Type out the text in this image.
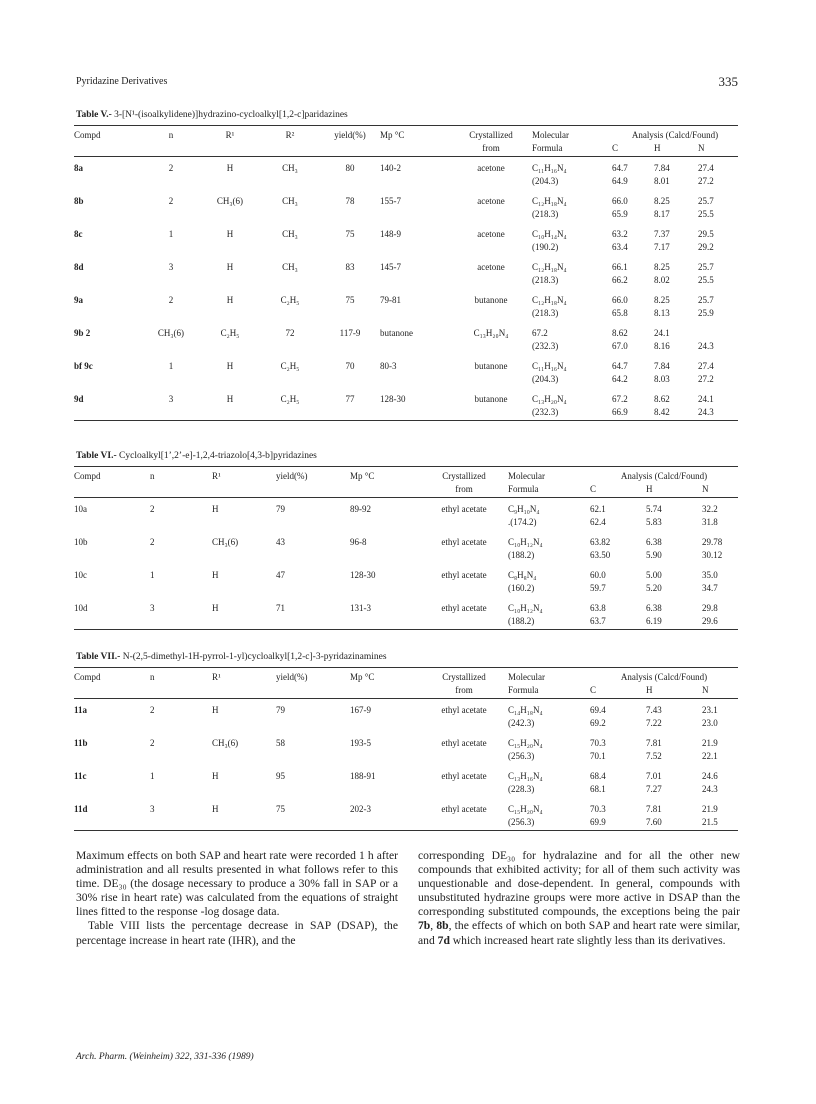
Pyridazine Derivatives	335
Table V.- 3-[N¹-(isoalkylidene)]hydrazino-cycloalkyl[1,2-c]paridazines
Compd	n	R¹	R²	yield(%)	Mp °C	Crystallized	Molecular	Analysis (Calcd/Found)		
						from	Formula	C	H	N
8a	2	H	CH₃	80	140-2	acetone	C₁₁H₁₆N₄	64.7	7.84	27.4
							(204.3)	64.9	8.01	27.2
8b	2	CH₃(6)	CH₃	78	155-7	acetone	C₁₂H₁₈N₄	66.0	8.25	25.7
							(218.3)	65.9	8.17	25.5
8c	1	H	CH₃	75	148-9	acetone	C₁₀H₁₄N₄	63.2	7.37	29.5
							(190.2)	63.4	7.17	29.2
8d	3	H	CH₃	83	145-7	acetone	C₁₂H₁₈N₄	66.1	8.25	25.7
							(218.3)	66.2	8.02	25.5
9a	2	H	C₂H₅	75	79-81	butanone	C₁₂H₁₈N₄	66.0	8.25	25.7
							(218.3)	65.8	8.13	25.9
9b 2	CH₃(6)	C₂H₅	72	117-9	butanone	C₁₃H₂₀N₄	67.2	8.62	24.1	
							(232.3)	67.0	8.16	24.3
bf 9c	1	H	C₂H₅	70	80-3	butanone	C₁₁H₁₆N₄	64.7	7.84	27.4
							(204.3)	64.2	8.03	27.2
9d	3	H	C₂H₅	77	128-30	butanone	C₁₃H₂₀N₄	67.2	8.62	24.1
							(232.3)	66.9	8.42	24.3
Table VI.- Cycloalkyl[1’,2’-e]-1,2,4-triazolo[4,3-b]pyridazines
Compd	n	R¹	yield(%)	Mp °C	Crystallized	Molecular	Analysis (Calcd/Found)		
					from	Formula	C	H	N
10a	2	H	79	89-92	ethyl acetate	C₉H₁₀N₄	62.1	5.74	32.2
						.(174.2)	62.4	5.83	31.8
10b	2	CH₃(6)	43	96-8	ethyl acetate	C₁₀H₁₂N₄	63.82	6.38	29.78
						(188.2)	63.50	5.90	30.12
10c	1	H	47	128-30	ethyl acetate	C₈H₈N₄	60.0	5.00	35.0
						(160.2)	59.7	5.20	34.7
10d	3	H	71	131-3	ethyl acetate	C₁₀H₁₂N₄	63.8	6.38	29.8
						(188.2)	63.7	6.19	29.6
Table VII.- N-(2,5-dimethyl-1H-pyrrol-1-yl)cycloalkyl[1,2-c]-3-pyridazinamines
Compd	n	R¹	yield(%)	Mp °C	Crystallized	Molecular	Analysis (Calcd/Found)		
					from	Formula	C	H	N
11a	2	H	79	167-9	ethyl acetate	C₁₄H₁₈N₄	69.4	7.43	23.1
						(242.3)	69.2	7.22	23.0
11b	2	CH₃(6)	58	193-5	ethyl acetate	C₁₅H₂₀N₄	70.3	7.81	21.9
						(256.3)	70.1	7.52	22.1
11c	1	H	95	188-91	ethyl acetate	C₁₃H₁₆N₄	68.4	7.01	24.6
						(228.3)	68.1	7.27	24.3
11d	3	H	75	202-3	ethyl acetate	C₁₅H₂₀N₄	70.3	7.81	21.9
						(256.3)	69.9	7.60	21.5

Maximum effects on both SAP and heart rate were recorded 1 h after administration and all results presented in what follows refer to this time. DE₃₀ (the dosage necessary to produce a 30% fall in SAP or a 30% rise in heart rate) was calculated from the equations of straight lines fitted to the response -log dosage data.

Table VIII lists the percentage decrease in SAP (DSAP), the percentage increase in heart rate (IHR), and the

corresponding DE₃₀ for hydralazine and for all the other new compounds that exhibited activity; for all of them such activity was unquestionable and dose-dependent. In general, compounds with unsubstituted hydrazine groups were more active in DSAP than the corresponding substituted compounds, the exceptions being the pair 7b, 8b, the effects of which on both SAP and heart rate were similar, and 7d which increased heart rate slightly less than its derivatives.

Arch. Pharm. (Weinheim) 322, 331-336 (1989)
